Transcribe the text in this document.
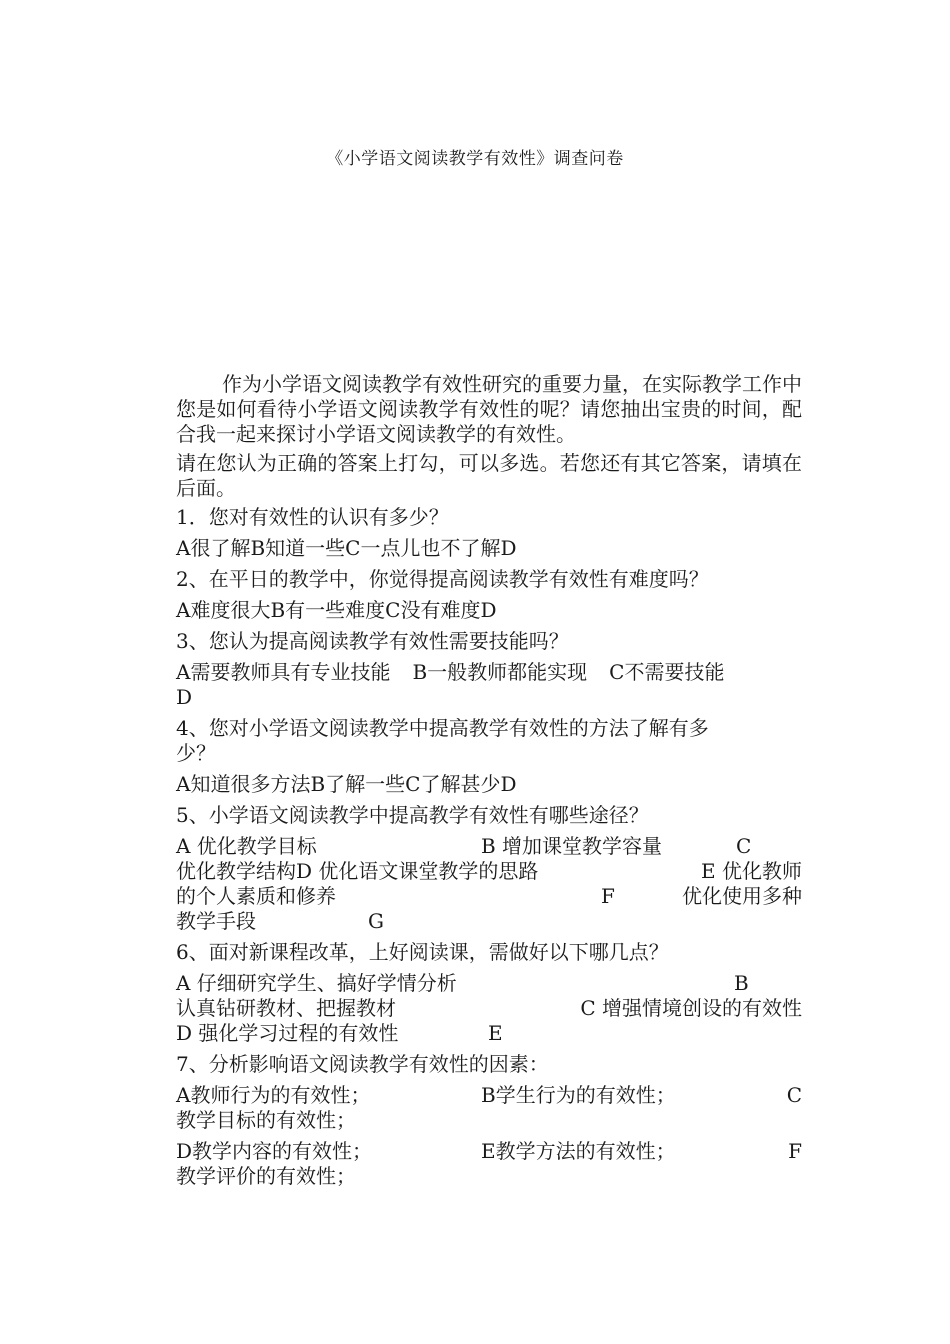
《小学语文阅读教学有效性》调查问卷

作为小学语文阅读教学有效性研究的重要力量，在实际教学工作中您是如何看待小学语文阅读教学有效性的呢？请您抽出宝贵的时间，配合我一起来探讨小学语文阅读教学的有效性。

请在您认为正确的答案上打勾，可以多选。若您还有其它答案，请填在后面。

1．您对有效性的认识有多少？
A很了解B知道一些C一点儿也不了解D
2、在平日的教学中，你觉得提高阅读教学有效性有难度吗？
A难度很大B有一些难度C没有难度D
3、您认为提高阅读教学有效性需要技能吗？
A需要教师具有专业技能 B一般教师都能实现 C不需要技能
D
4、您对小学语文阅读教学中提高教学有效性的方法了解有多
少？
A知道很多方法B了解一些C了解甚少D
5、小学语文阅读教学中提高教学有效性有哪些途径？
A 优化教学目标	B 增加课堂教学容量	C
优化教学结构D 优化语文课堂教学的思路	E 优化教师
的个人素质和修养	F	优化使用多种
教学手段	G
6、面对新课程改革，上好阅读课，需做好以下哪几点？
A 仔细研究学生、搞好学情分析	B
认真钻研教材、把握教材	C 增强情境创设的有效性
D 强化学习过程的有效性	E
7、分析影响语文阅读教学有效性的因素：
A教师行为的有效性；	B学生行为的有效性；	C
教学目标的有效性；
D教学内容的有效性；	E教学方法的有效性；	F
教学评价的有效性；
